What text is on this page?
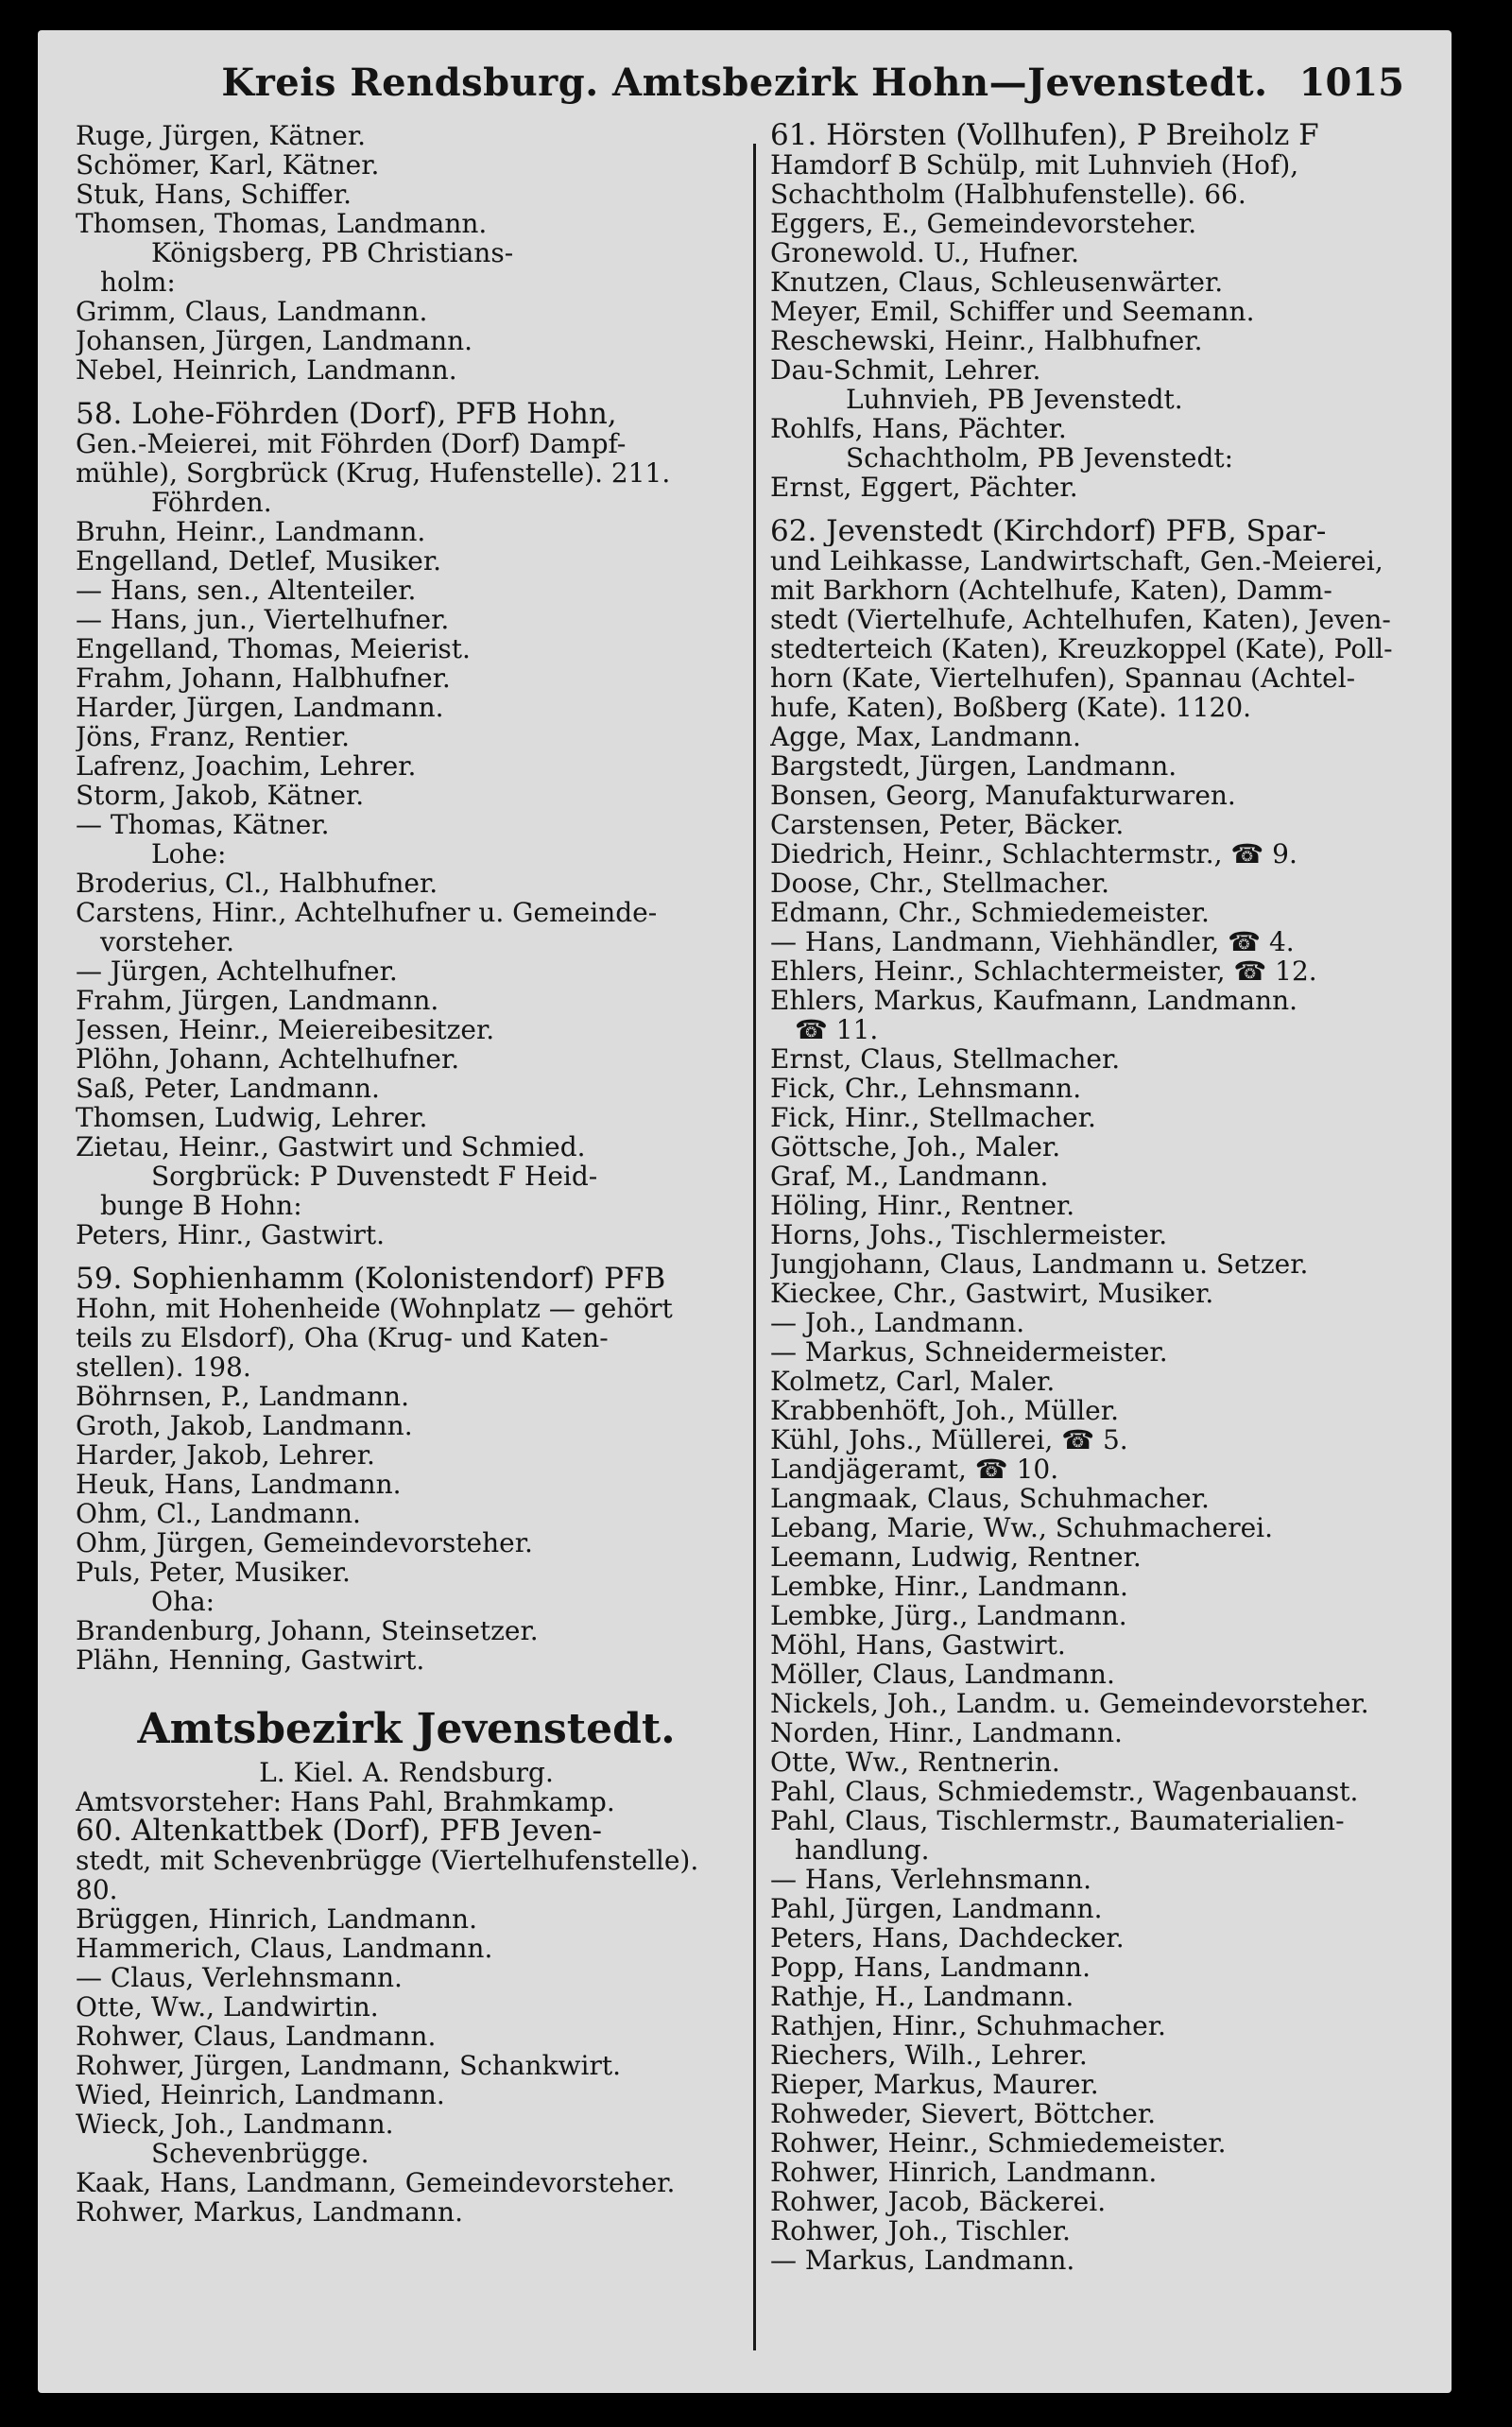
Kreis Rendsburg. Amtsbezirk Hohn—Jevenstedt. 1015
Ruge, Jürgen, Kätner.
Schömer, Karl, Kätner.
Stuk, Hans, Schiffer.
Thomsen, Thomas, Landmann.
Königsberg, PB Christians-
holm:
Grimm, Claus, Landmann.
Johansen, Jürgen, Landmann.
Nebel, Heinrich, Landmann.
58. Lohe-Föhrden (Dorf), PFB Hohn,
Gen.-Meierei, mit Föhrden (Dorf) Dampf-
mühle), Sorgbrück (Krug, Hufenstelle). 211.
Föhrden.
Bruhn, Heinr., Landmann.
Engelland, Detlef, Musiker.
— Hans, sen., Altenteiler.
— Hans, jun., Viertelhufner.
Engelland, Thomas, Meierist.
Frahm, Johann, Halbhufner.
Harder, Jürgen, Landmann.
Jöns, Franz, Rentier.
Lafrenz, Joachim, Lehrer.
Storm, Jakob, Kätner.
— Thomas, Kätner.
Lohe:
Broderius, Cl., Halbhufner.
Carstens, Hinr., Achtelhufner u. Gemeinde-
vorsteher.
— Jürgen, Achtelhufner.
Frahm, Jürgen, Landmann.
Jessen, Heinr., Meiereibesitzer.
Plöhn, Johann, Achtelhufner.
Saß, Peter, Landmann.
Thomsen, Ludwig, Lehrer.
Zietau, Heinr., Gastwirt und Schmied.
Sorgbrück: P Duvenstedt F Heid-
bunge B Hohn:
Peters, Hinr., Gastwirt.
59. Sophienhamm (Kolonistendorf) PFB
Hohn, mit Hohenheide (Wohnplatz — gehört
teils zu Elsdorf), Oha (Krug- und Katen-
stellen). 198.
Böhrnsen, P., Landmann.
Groth, Jakob, Landmann.
Harder, Jakob, Lehrer.
Heuk, Hans, Landmann.
Ohm, Cl., Landmann.
Ohm, Jürgen, Gemeindevorsteher.
Puls, Peter, Musiker.
Oha:
Brandenburg, Johann, Steinsetzer.
Plähn, Henning, Gastwirt.
Amtsbezirk Jevenstedt.
L. Kiel. A. Rendsburg.
Amtsvorsteher: Hans Pahl, Brahmkamp.
60. Altenkattbek (Dorf), PFB Jeven-
stedt, mit Schevenbrügge (Viertelhufenstelle).
80.
Brüggen, Hinrich, Landmann.
Hammerich, Claus, Landmann.
— Claus, Verlehnsmann.
Otte, Ww., Landwirtin.
Rohwer, Claus, Landmann.
Rohwer, Jürgen, Landmann, Schankwirt.
Wied, Heinrich, Landmann.
Wieck, Joh., Landmann.
Schevenbrügge.
Kaak, Hans, Landmann, Gemeindevorsteher.
Rohwer, Markus, Landmann.
61. Hörsten (Vollhufen), P Breiholz F
Hamdorf B Schülp, mit Luhnvieh (Hof),
Schachtholm (Halbhufenstelle). 66.
Eggers, E., Gemeindevorsteher.
Gronewold. U., Hufner.
Knutzen, Claus, Schleusenwärter.
Meyer, Emil, Schiffer und Seemann.
Reschewski, Heinr., Halbhufner.
Dau-Schmit, Lehrer.
Luhnvieh, PB Jevenstedt.
Rohlfs, Hans, Pächter.
Schachtholm, PB Jevenstedt:
Ernst, Eggert, Pächter.
62. Jevenstedt (Kirchdorf) PFB, Spar-
und Leihkasse, Landwirtschaft, Gen.-Meierei,
mit Barkhorn (Achtelhufe, Katen), Damm-
stedt (Viertelhufe, Achtelhufen, Katen), Jeven-
stedterteich (Katen), Kreuzkoppel (Kate), Poll-
horn (Kate, Viertelhufen), Spannau (Achtel-
hufe, Katen), Boßberg (Kate). 1120.
Agge, Max, Landmann.
Bargstedt, Jürgen, Landmann.
Bonsen, Georg, Manufakturwaren.
Carstensen, Peter, Bäcker.
Diedrich, Heinr., Schlachtermstr., ☎ 9.
Doose, Chr., Stellmacher.
Edmann, Chr., Schmiedemeister.
— Hans, Landmann, Viehhändler, ☎ 4.
Ehlers, Heinr., Schlachtermeister, ☎ 12.
Ehlers, Markus, Kaufmann, Landmann.
☎ 11.
Ernst, Claus, Stellmacher.
Fick, Chr., Lehnsmann.
Fick, Hinr., Stellmacher.
Göttsche, Joh., Maler.
Graf, M., Landmann.
Höling, Hinr., Rentner.
Horns, Johs., Tischlermeister.
Jungjohann, Claus, Landmann u. Setzer.
Kieckee, Chr., Gastwirt, Musiker.
— Joh., Landmann.
— Markus, Schneidermeister.
Kolmetz, Carl, Maler.
Krabbenhöft, Joh., Müller.
Kühl, Johs., Müllerei, ☎ 5.
Landjägeramt, ☎ 10.
Langmaak, Claus, Schuhmacher.
Lebang, Marie, Ww., Schuhmacherei.
Leemann, Ludwig, Rentner.
Lembke, Hinr., Landmann.
Lembke, Jürg., Landmann.
Möhl, Hans, Gastwirt.
Möller, Claus, Landmann.
Nickels, Joh., Landm. u. Gemeindevorsteher.
Norden, Hinr., Landmann.
Otte, Ww., Rentnerin.
Pahl, Claus, Schmiedemstr., Wagenbauanst.
Pahl, Claus, Tischlermstr., Baumaterialien-
handlung.
— Hans, Verlehnsmann.
Pahl, Jürgen, Landmann.
Peters, Hans, Dachdecker.
Popp, Hans, Landmann.
Rathje, H., Landmann.
Rathjen, Hinr., Schuhmacher.
Riechers, Wilh., Lehrer.
Rieper, Markus, Maurer.
Rohweder, Sievert, Böttcher.
Rohwer, Heinr., Schmiedemeister.
Rohwer, Hinrich, Landmann.
Rohwer, Jacob, Bäckerei.
Rohwer, Joh., Tischler.
— Markus, Landmann.
